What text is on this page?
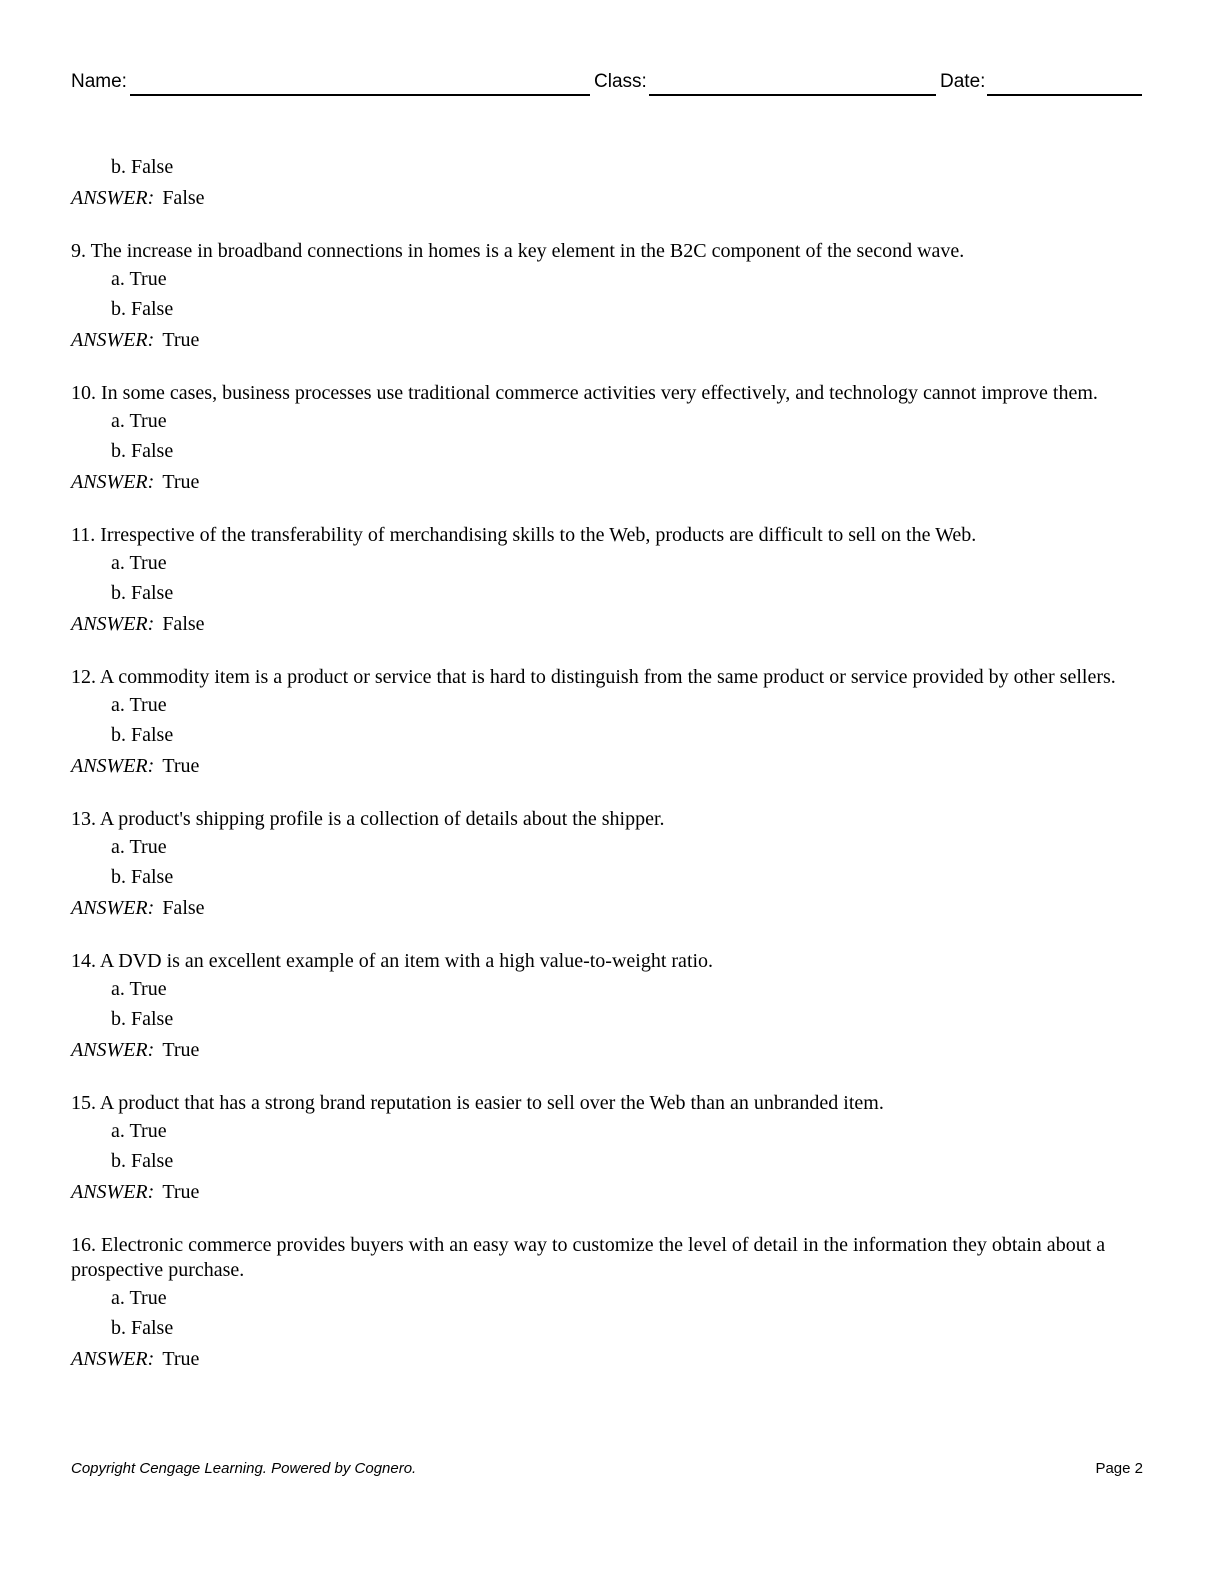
Name:	Class:	Date:
b. False
ANSWER: False
9. The increase in broadband connections in homes is a key element in the B2C component of the second wave.
a. True
b. False
ANSWER: True
10. In some cases, business processes use traditional commerce activities very effectively, and technology cannot improve them.
a. True
b. False
ANSWER: True
11. Irrespective of the transferability of merchandising skills to the Web, products are difficult to sell on the Web.
a. True
b. False
ANSWER: False
12. A commodity item is a product or service that is hard to distinguish from the same product or service provided by other sellers.
a. True
b. False
ANSWER: True
13. A product's shipping profile is a collection of details about the shipper.
a. True
b. False
ANSWER: False
14. A DVD is an excellent example of an item with a high value-to-weight ratio.
a. True
b. False
ANSWER: True
15. A product that has a strong brand reputation is easier to sell over the Web than an unbranded item.
a. True
b. False
ANSWER: True
16. Electronic commerce provides buyers with an easy way to customize the level of detail in the information they obtain about a prospective purchase.
a. True
b. False
ANSWER: True
Copyright Cengage Learning. Powered by Cognero.	Page 2
